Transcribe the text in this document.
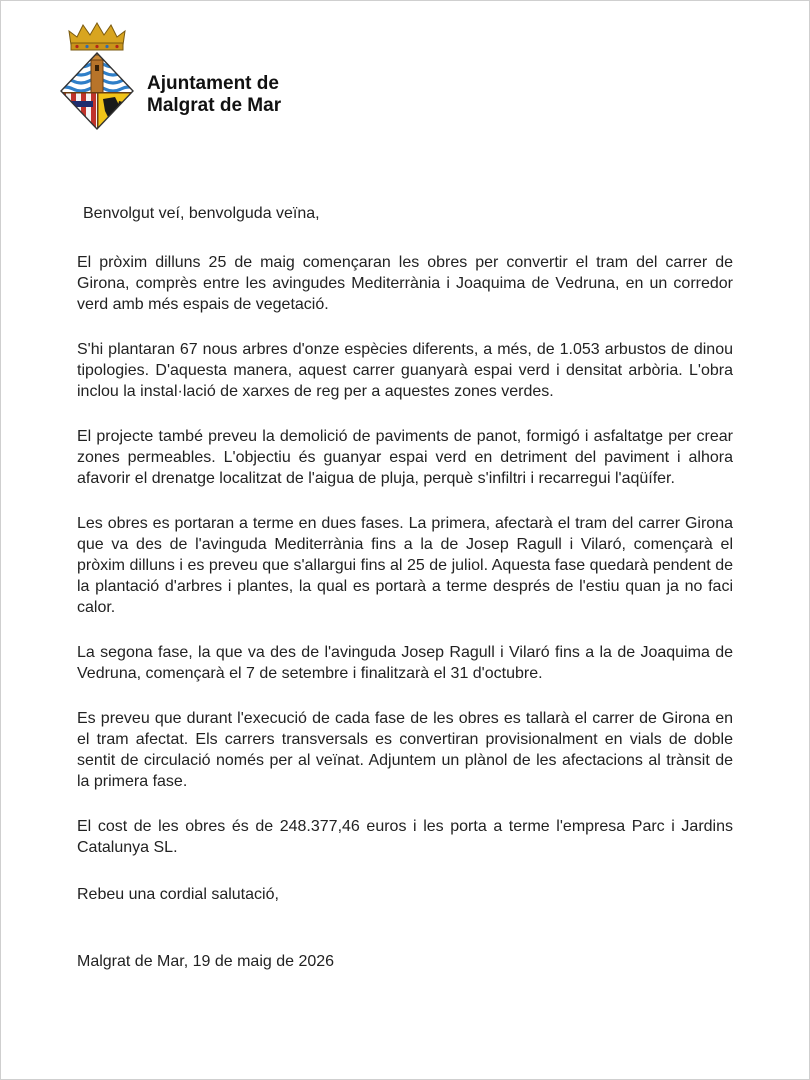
Ajuntament de
Malgrat de Mar

Benvolgut veí, benvolguda veïna,

El pròxim dilluns 25 de maig començaran les obres per convertir el tram del carrer de Girona, comprès entre les avingudes Mediterrània i Joaquima de Vedruna, en un corredor verd amb més espais de vegetació.

S'hi plantaran 67 nous arbres d'onze espècies diferents, a més, de 1.053 arbustos de dinou tipologies. D'aquesta manera, aquest carrer guanyarà espai verd i densitat arbòria. L'obra inclou la instal·lació de xarxes de reg per a aquestes zones verdes.

El projecte també preveu la demolició de paviments de panot, formigó i asfaltatge per crear zones permeables. L'objectiu és guanyar espai verd en detriment del paviment i alhora afavorir el drenatge localitzat de l'aigua de pluja, perquè s'infiltri i recarregui l'aqüífer.

Les obres es portaran a terme en dues fases. La primera, afectarà el tram del carrer Girona que va des de l'avinguda Mediterrània fins a la de Josep Ragull i Vilaró, començarà el pròxim dilluns i es preveu que s'allargui fins al 25 de juliol. Aquesta fase quedarà pendent de la plantació d'arbres i plantes, la qual es portarà a terme després de l'estiu quan ja no faci calor.

La segona fase, la que va des de l'avinguda Josep Ragull i Vilaró fins a la de Joaquima de Vedruna, començarà el 7 de setembre i finalitzarà el 31 d'octubre.

Es preveu que durant l'execució de cada fase de les obres es tallarà el carrer de Girona en el tram afectat. Els carrers transversals es convertiran provisionalment en vials de doble sentit de circulació només per al veïnat. Adjuntem un plànol de les afectacions al trànsit de la primera fase.

El cost de les obres és de 248.377,46 euros i les porta a terme l'empresa Parc i Jardins Catalunya SL.

Rebeu una cordial salutació,

Malgrat de Mar, 19 de maig de 2026
